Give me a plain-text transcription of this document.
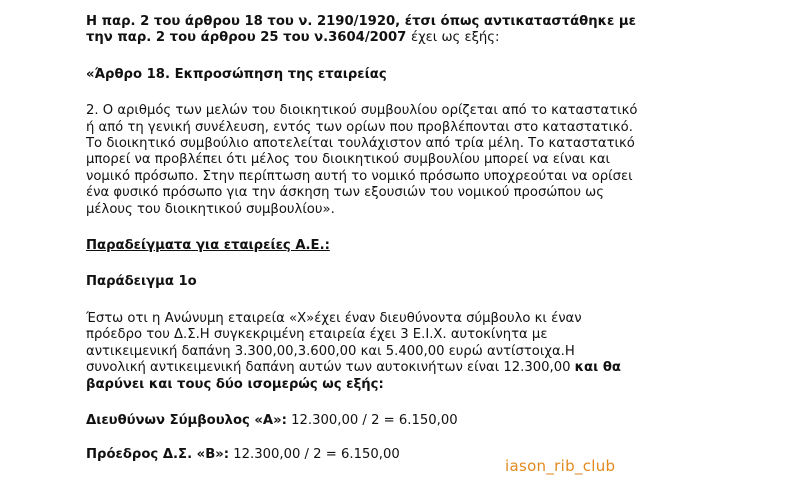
Η παρ. 2 του άρθρου 18 του ν. 2190/1920, έτσι όπως αντικαταστάθηκε με
την παρ. 2 του άρθρου 25 του ν.3604/2007 έχει ως εξής:

«Άρθρο 18. Εκπροσώπηση της εταιρείας

2. Ο αριθμός των μελών του διοικητικού συμβουλίου ορίζεται από το καταστατικό
ή από τη γενική συνέλευση, εντός των ορίων που προβλέπονται στο καταστατικό.
Το διοικητικό συμβούλιο αποτελείται τουλάχιστον από τρία μέλη. Το καταστατικό
μπορεί να προβλέπει ότι μέλος του διοικητικού συμβουλίου μπορεί να είναι και
νομικό πρόσωπο. Στην περίπτωση αυτή το νομικό πρόσωπο υποχρεούται να ορίσει
ένα φυσικό πρόσωπο για την άσκηση των εξουσιών του νομικού προσώπου ως
μέλους του διοικητικού συμβουλίου».

Παραδείγματα για εταιρείες Α.Ε.:

Παράδειγμα 1ο

Έστω οτι η Ανώνυμη εταιρεία «Χ»έχει έναν διευθύνοντα σύμβουλο κι έναν
πρόεδρο του Δ.Σ.Η συγκεκριμένη εταιρεία έχει 3 Ε.Ι.Χ. αυτοκίνητα με
αντικειμενική δαπάνη 3.300,00,3.600,00 και 5.400,00 ευρώ αντίστοιχα.Η
συνολική αντικειμενική δαπάνη αυτών των αυτοκινήτων είναι 12.300,00 και θα
βαρύνει και τους δύο ισομερώς ως εξής:

Διευθύνων Σύμβουλος «Α»: 12.300,00 / 2 = 6.150,00

Πρόεδρος Δ.Σ. «Β»: 12.300,00 / 2 = 6.150,00

iason_rib_club
